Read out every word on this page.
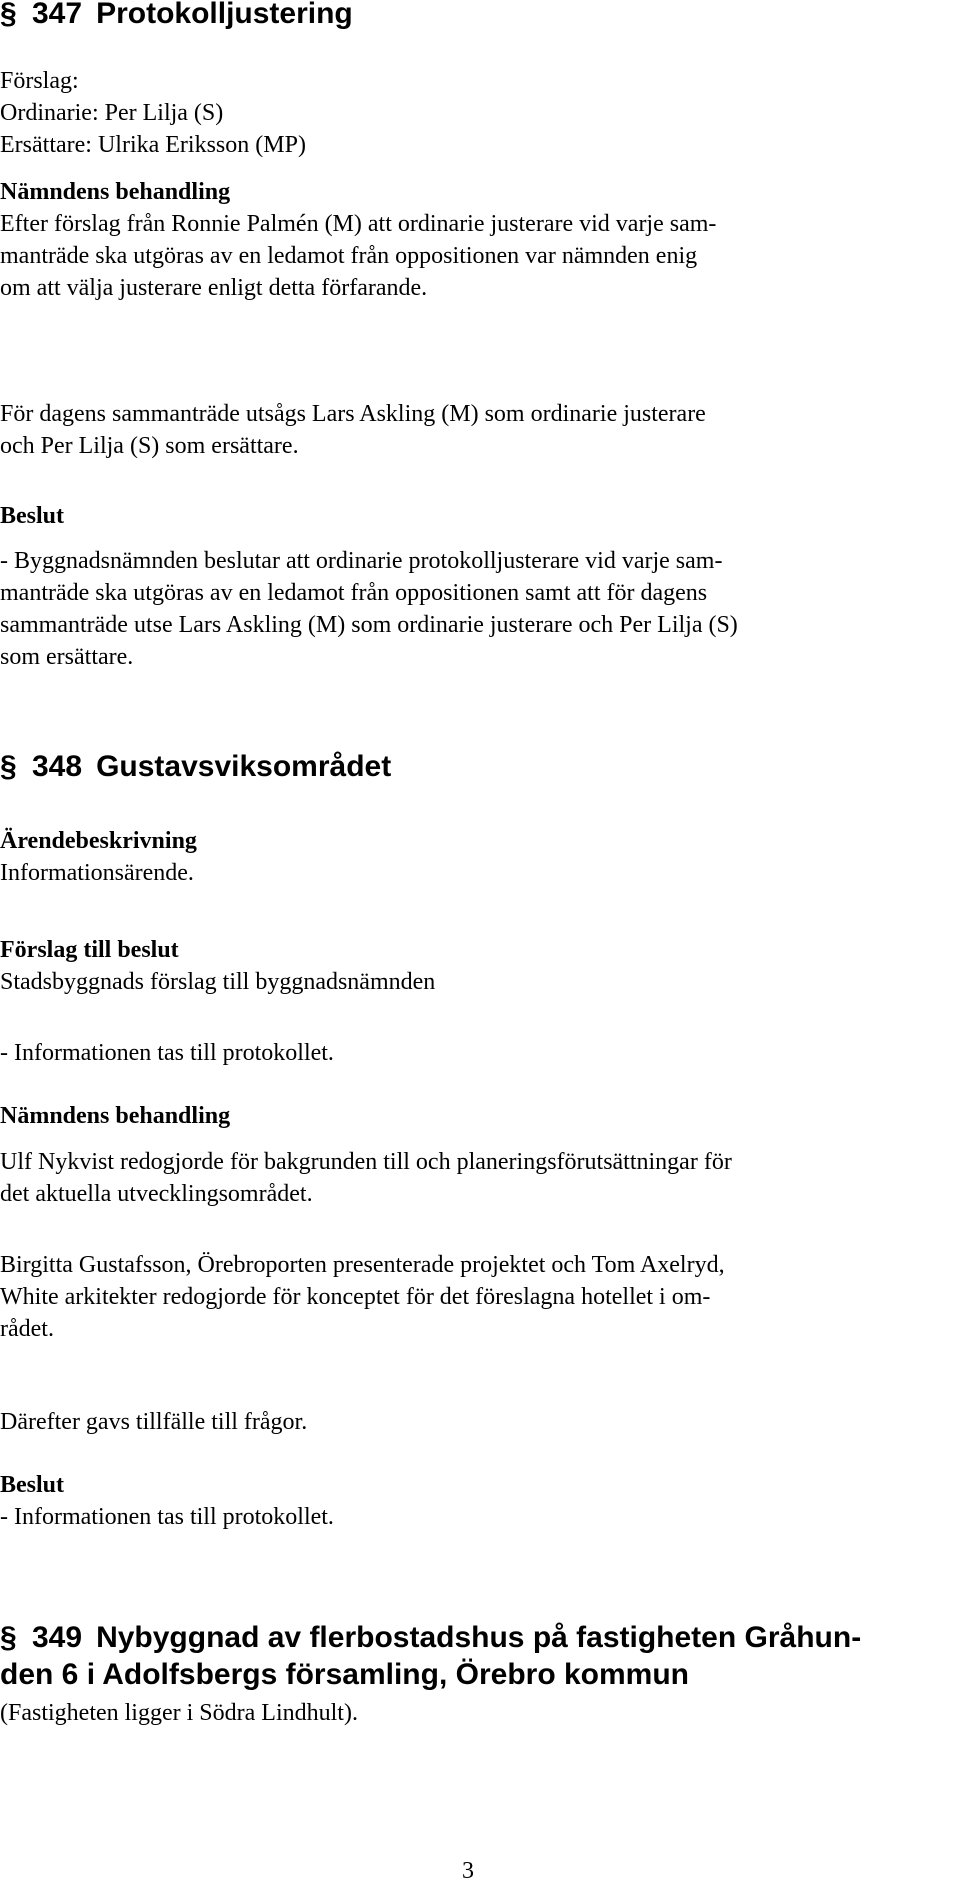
§ 347 Protokolljustering
Förslag:
Ordinarie: Per Lilja (S)
Ersättare: Ulrika Eriksson (MP)
Nämndens behandling
Efter förslag från Ronnie Palmén (M) att ordinarie justerare vid varje sam-
manträde ska utgöras av en ledamot från oppositionen var nämnden enig
om att välja justerare enligt detta förfarande.
För dagens sammanträde utsågs Lars Askling (M) som ordinarie justerare
och Per Lilja (S) som ersättare.
Beslut
- Byggnadsnämnden beslutar att ordinarie protokolljusterare vid varje sam-
manträde ska utgöras av en ledamot från oppositionen samt att för dagens
sammanträde utse Lars Askling (M) som ordinarie justerare och Per Lilja (S)
som ersättare.
§ 348 Gustavsviksområdet
Ärendebeskrivning
Informationsärende.
Förslag till beslut
Stadsbyggnads förslag till byggnadsnämnden
- Informationen tas till protokollet.
Nämndens behandling
Ulf Nykvist redogjorde för bakgrunden till och planeringsförutsättningar för
det aktuella utvecklingsområdet.
Birgitta Gustafsson, Örebroporten presenterade projektet och Tom Axelryd,
White arkitekter redogjorde för konceptet för det föreslagna hotellet i om-
rådet.
Därefter gavs tillfälle till frågor.
Beslut
- Informationen tas till protokollet.
§ 349 Nybyggnad av flerbostadshus på fastigheten Gråhun-
den 6 i Adolfsbergs församling, Örebro kommun
(Fastigheten ligger i Södra Lindhult).
3
